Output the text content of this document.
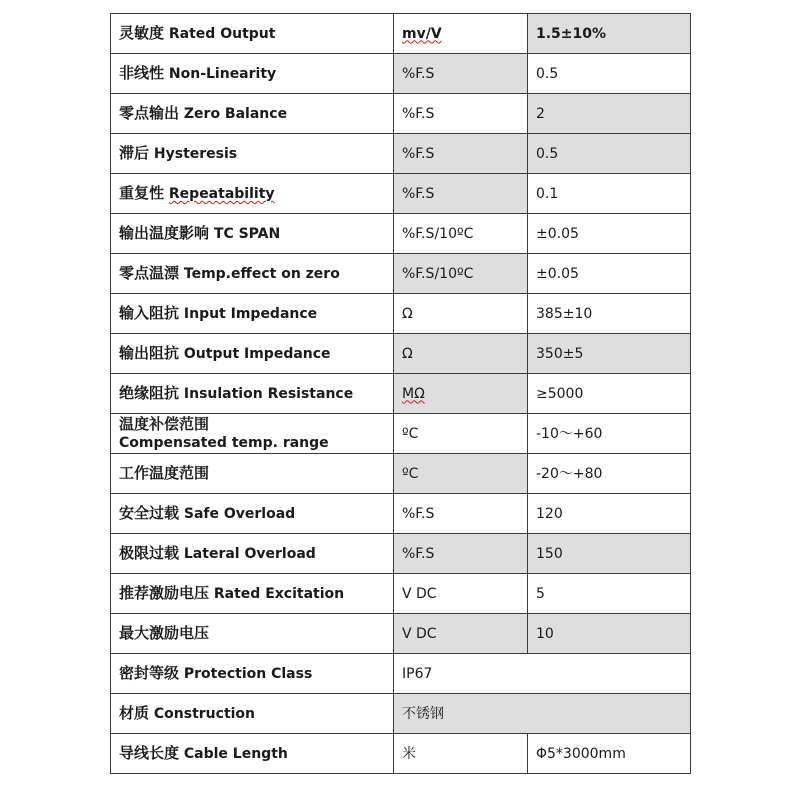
灵敏度 Rated Output	mv/V	1.5±10%
非线性 Non-Linearity	%F.S	0.5
零点输出 Zero Balance	%F.S	2
滞后 Hysteresis	%F.S	0.5
重复性 Repeatability	%F.S	0.1
输出温度影响 TC SPAN	%F.S/10ºC	±0.05
零点温漂 Temp.effect on zero	%F.S/10ºC	±0.05
输入阻抗 Input Impedance	Ω	385±10
输出阻抗 Output Impedance	Ω	350±5
绝缘阻抗 Insulation Resistance	MΩ	≥5000
温度补偿范围
Compensated temp. range	ºC	-10～+60
工作温度范围	ºC	-20～+80
安全过载 Safe Overload	%F.S	120
极限过载 Lateral Overload	%F.S	150
推荐激励电压 Rated Excitation	V DC	5
最大激励电压	V DC	10
密封等级 Protection Class	IP67	
材质 Construction	不锈钢	
导线长度 Cable Length	米	Φ5*3000mm
